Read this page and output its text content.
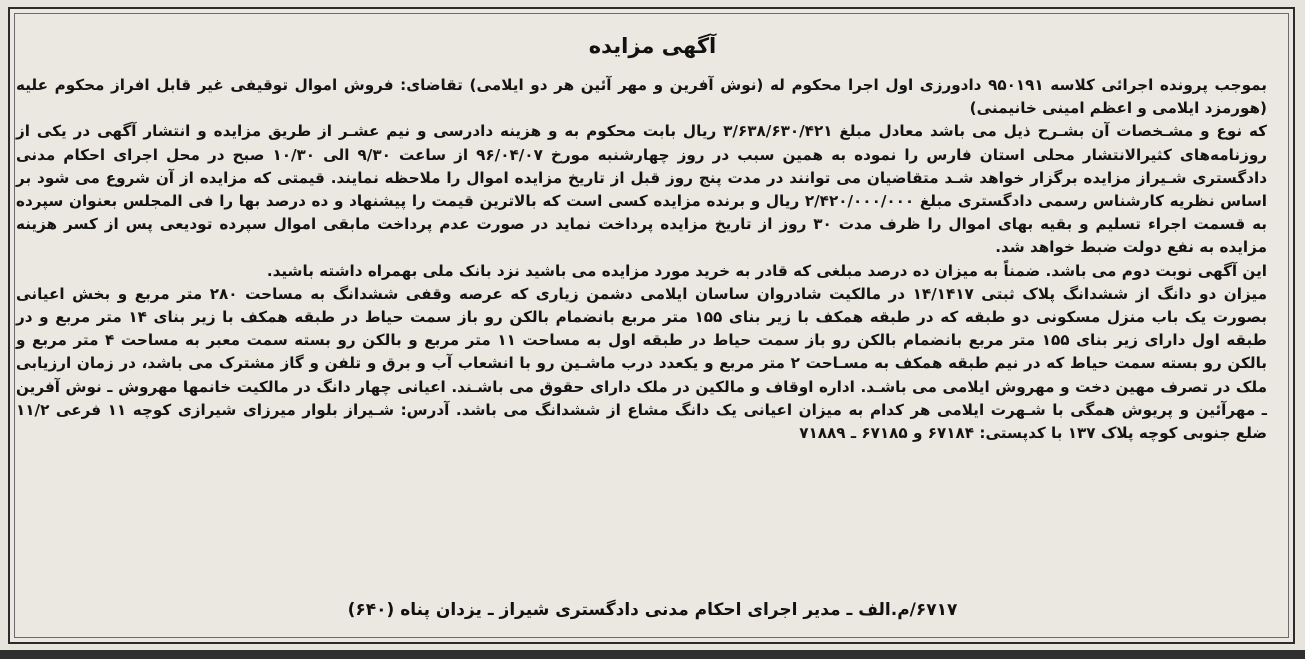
آگهی مزایده

بموجب پرونده اجرائی کلاسه ۹۵۰۱۹۱ دادورزی اول اجرا محکوم له (نوش آفرین و مهر آئین هر دو ایلامی) تقاضای: فروش اموال توقیفی غیر قابل افراز محکوم علیه (هورمزد ایلامی و اعظم امینی خانیمنی)

که نوع و مشـخصات آن بشـرح ذیل می باشد معادل مبلغ ۳/۶۳۸/۶۳۰/۴۲۱ ریال بابت محکوم به و هزینه دادرسی و نیم عشـر از طریق مزایده و انتشار آگهی در یکی از روزنامه‌های کثیرالانتشار محلی استان فارس را نموده به همین سبب در روز چهارشنبه مورخ ۹۶/۰۴/۰۷ از ساعت ۹/۳۰ الی ۱۰/۳۰ صبح در محل اجرای احکام مدنی دادگستری شـیراز مزایده برگزار خواهد شـد متقاضیان می توانند در مدت پنج روز قبل از تاریخ مزایده اموال را ملاحظه نمایند. قیمتی که مزایده از آن شروع می شود بر اساس نظریه کارشناس رسمی دادگستری مبلغ ۲/۴۲۰/۰۰۰/۰۰۰ ریال و برنده مزایده کسی است که بالاترین قیمت را پیشنهاد و ده درصد بها را فی المجلس بعنوان سپرده به قسمت اجراء تسلیم و بقیه بهای اموال را ظرف مدت ۳۰ روز از تاریخ مزایده پرداخت نماید در صورت عدم پرداخت مابقی اموال سپرده تودیعی پس از کسر هزینه مزایده به نفع دولت ضبط خواهد شد.

این آگهی نوبت دوم می باشد. ضمناً به میزان ده درصد مبلغی که قادر به خرید مورد مزایده می باشید نزد بانک ملی بهمراه داشته باشید.

میزان دو دانگ از ششدانگ پلاک ثبتی ۱۴/۱۴۱۷ در مالکیت شادروان ساسان ایلامی دشمن زیاری که عرصه وقفی ششدانگ به مساحت ۲۸۰ متر مربع و بخش اعیانی بصورت یک باب منزل مسکونی دو طبقه که در طبقه همکف با زیر بنای ۱۵۵ متر مربع بانضمام بالکن رو باز سمت حیاط در طبقه همکف با زیر بنای ۱۴ متر مربع و در طبقه اول دارای زیر بنای ۱۵۵ متر مربع بانضمام بالکن رو باز سمت حیاط در طبقه اول به مساحت ۱۱ متر مربع و بالکن رو بسته سمت معبر به مساحت ۴ متر مربع و بالکن رو بسته سمت حیاط که در نیم طبقه همکف به مسـاحت ۲ متر مربع و یکعدد درب ماشـین رو با انشعاب آب و برق و تلفن و گاز مشترک می باشد، در زمان ارزیابی ملک در تصرف مهین دخت و مهروش ایلامی می باشـد. اداره اوقاف و مالکین در ملک دارای حقوق می باشـند. اعیانی چهار دانگ در مالکیت خانمها مهروش ـ نوش آفرین ـ مهرآئین و پریوش همگی با شـهرت ایلامی هر کدام به میزان اعیانی یک دانگ مشاع از ششدانگ می باشد. آدرس: شـیراز بلوار میرزای شیرازی کوچه ۱۱ فرعی ۱۱/۲ ضلع جنوبی کوچه پلاک ۱۳۷ با کدپستی: ۶۷۱۸۴ و ۶۷۱۸۵ ـ ۷۱۸۸۹

۶۷۱۷/م.الف ـ مدیر اجرای احکام مدنی دادگستری شیراز ـ یزدان پناه (۶۴۰)
